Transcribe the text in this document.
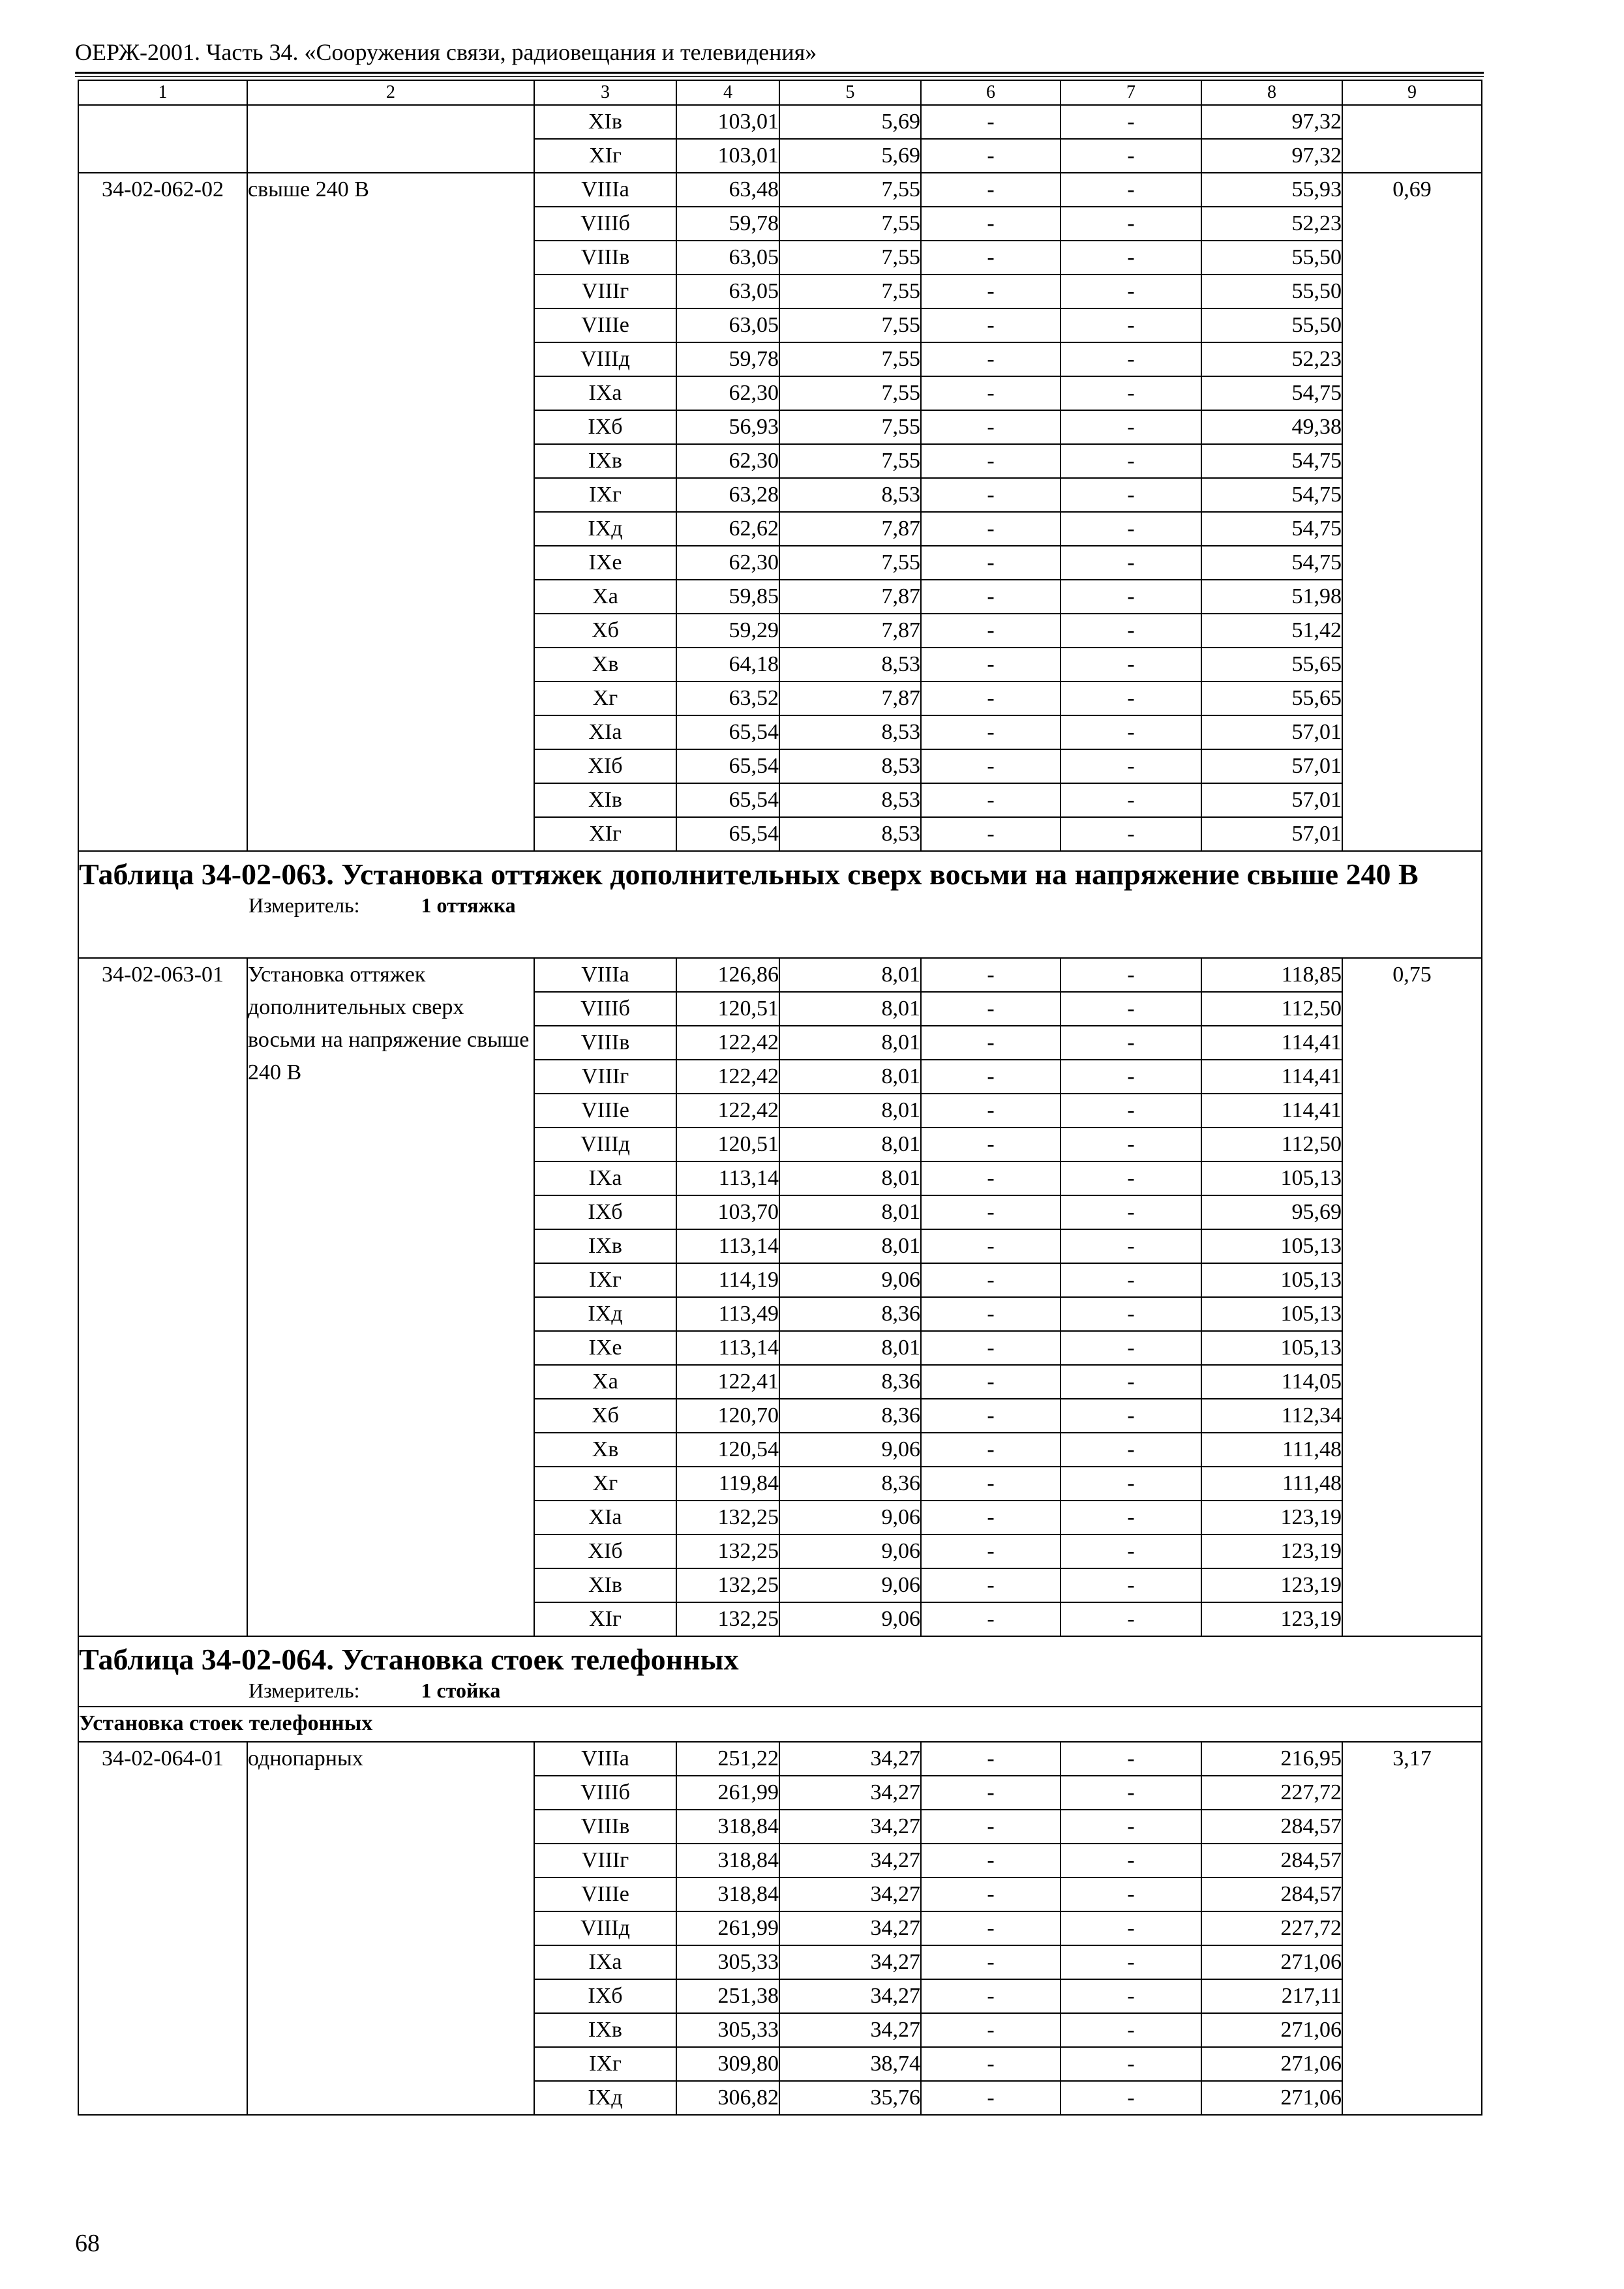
ОЕРЖ-2001. Часть 34. «Сооружения связи, радиовещания и телевидения»
1	2	3	4	5	6	7	8	9
		XIв	103,01	5,69	-	-	97,32	
		XIг	103,01	5,69	-	-	97,32	
34-02-062-02	свыше 240 В	VIIIа	63,48	7,55	-	-	55,93	0,69
		VIIIб	59,78	7,55	-	-	52,23	
		VIIIв	63,05	7,55	-	-	55,50	
		VIIIг	63,05	7,55	-	-	55,50	
		VIIIе	63,05	7,55	-	-	55,50	
		VIIIд	59,78	7,55	-	-	52,23	
		IXа	62,30	7,55	-	-	54,75	
		IXб	56,93	7,55	-	-	49,38	
		IXв	62,30	7,55	-	-	54,75	
		IXг	63,28	8,53	-	-	54,75	
		IXд	62,62	7,87	-	-	54,75	
		IXе	62,30	7,55	-	-	54,75	
		Xа	59,85	7,87	-	-	51,98	
		Xб	59,29	7,87	-	-	51,42	
		Xв	64,18	8,53	-	-	55,65	
		Xг	63,52	7,87	-	-	55,65	
		XIа	65,54	8,53	-	-	57,01	
		XIб	65,54	8,53	-	-	57,01	
		XIв	65,54	8,53	-	-	57,01	
		XIг	65,54	8,53	-	-	57,01	

Таблица 34-02-063. Установка оттяжек дополнительных сверх восьми на напряжение свыше 240 В
Измеритель: 1 оттяжка								

34-02-063-01	Установка оттяжек дополнительных сверх восьми на напряжение свыше 240 В	VIIIа	126,86	8,01	-	-	118,85	0,75
		VIIIб	120,51	8,01	-	-	112,50	
		VIIIв	122,42	8,01	-	-	114,41	
		VIIIг	122,42	8,01	-	-	114,41	
		VIIIе	122,42	8,01	-	-	114,41	
		VIIIд	120,51	8,01	-	-	112,50	
		IXа	113,14	8,01	-	-	105,13	
		IXб	103,70	8,01	-	-	95,69	
		IXв	113,14	8,01	-	-	105,13	
		IXг	114,19	9,06	-	-	105,13	
		IXд	113,49	8,36	-	-	105,13	
		IXе	113,14	8,01	-	-	105,13	
		Xа	122,41	8,36	-	-	114,05	
		Xб	120,70	8,36	-	-	112,34	
		Xв	120,54	9,06	-	-	111,48	
		Xг	119,84	8,36	-	-	111,48	
		XIа	132,25	9,06	-	-	123,19	
		XIб	132,25	9,06	-	-	123,19	
		XIв	132,25	9,06	-	-	123,19	
		XIг	132,25	9,06	-	-	123,19	

Таблица 34-02-064. Установка стоек телефонных
Измеритель: 1 стойка								

Установка стоек телефонных								
34-02-064-01	однопарных	VIIIа	251,22	34,27	-	-	216,95	3,17
		VIIIб	261,99	34,27	-	-	227,72	
		VIIIв	318,84	34,27	-	-	284,57	
		VIIIг	318,84	34,27	-	-	284,57	
		VIIIе	318,84	34,27	-	-	284,57	
		VIIIд	261,99	34,27	-	-	227,72	
		IXа	305,33	34,27	-	-	271,06	
		IXб	251,38	34,27	-	-	217,11	
		IXв	305,33	34,27	-	-	271,06	
		IXг	309,80	38,74	-	-	271,06	
		IXд	306,82	35,76	-	-	271,06	
68
